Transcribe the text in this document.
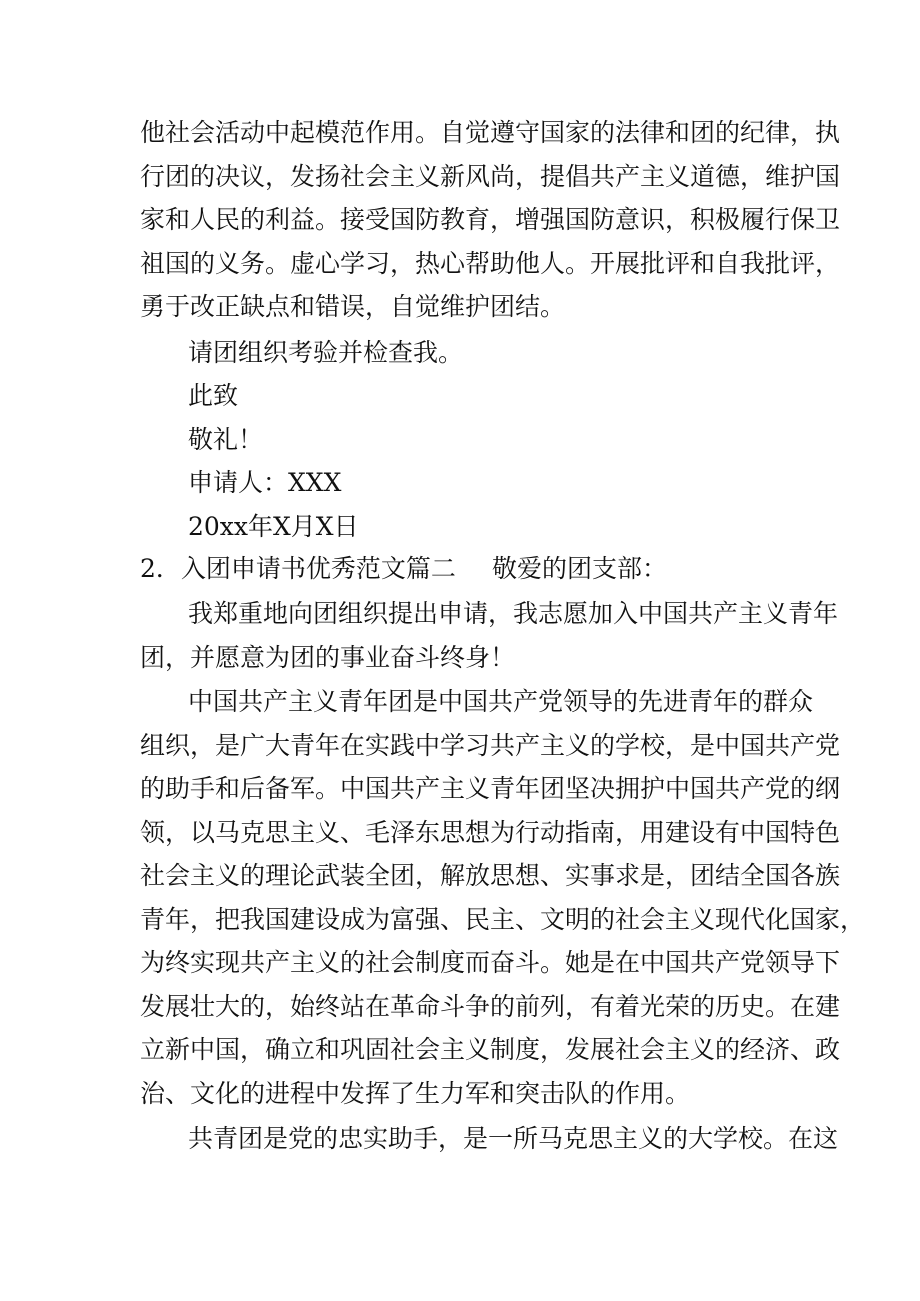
他社会活动中起模范作用。自觉遵守国家的法律和团的纪律，执
行团的决议，发扬社会主义新风尚，提倡共产主义道德，维护国
家和人民的利益。接受国防教育，增强国防意识，积极履行保卫
祖国的义务。虚心学习，热心帮助他人。开展批评和自我批评，
勇于改正缺点和错误，自觉维护团结。
请团组织考验并检查我。
此致
敬礼！
申请人：XXX
20xx年X月X日
2．入团申请书优秀范文篇二 敬爱的团支部：
我郑重地向团组织提出申请，我志愿加入中国共产主义青年
团，并愿意为团的事业奋斗终身！
中国共产主义青年团是中国共产党领导的先进青年的群众
组织，是广大青年在实践中学习共产主义的学校，是中国共产党
的助手和后备军。中国共产主义青年团坚决拥护中国共产党的纲
领，以马克思主义、毛泽东思想为行动指南，用建设有中国特色
社会主义的理论武装全团，解放思想、实事求是，团结全国各族
青年，把我国建设成为富强、民主、文明的社会主义现代化国家，
为终实现共产主义的社会制度而奋斗。她是在中国共产党领导下
发展壮大的，始终站在革命斗争的前列，有着光荣的历史。在建
立新中国，确立和巩固社会主义制度，发展社会主义的经济、政
治、文化的进程中发挥了生力军和突击队的作用。
共青团是党的忠实助手，是一所马克思主义的大学校。在这
